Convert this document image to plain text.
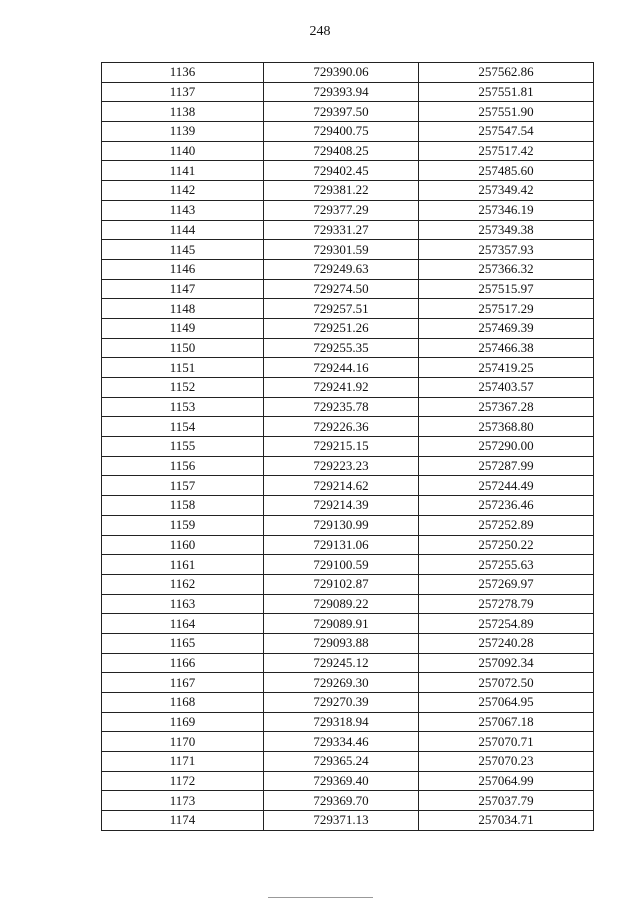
248
1136	729390.06	257562.86
1137	729393.94	257551.81
1138	729397.50	257551.90
1139	729400.75	257547.54
1140	729408.25	257517.42
1141	729402.45	257485.60
1142	729381.22	257349.42
1143	729377.29	257346.19
1144	729331.27	257349.38
1145	729301.59	257357.93
1146	729249.63	257366.32
1147	729274.50	257515.97
1148	729257.51	257517.29
1149	729251.26	257469.39
1150	729255.35	257466.38
1151	729244.16	257419.25
1152	729241.92	257403.57
1153	729235.78	257367.28
1154	729226.36	257368.80
1155	729215.15	257290.00
1156	729223.23	257287.99
1157	729214.62	257244.49
1158	729214.39	257236.46
1159	729130.99	257252.89
1160	729131.06	257250.22
1161	729100.59	257255.63
1162	729102.87	257269.97
1163	729089.22	257278.79
1164	729089.91	257254.89
1165	729093.88	257240.28
1166	729245.12	257092.34
1167	729269.30	257072.50
1168	729270.39	257064.95
1169	729318.94	257067.18
1170	729334.46	257070.71
1171	729365.24	257070.23
1172	729369.40	257064.99
1173	729369.70	257037.79
1174	729371.13	257034.71
